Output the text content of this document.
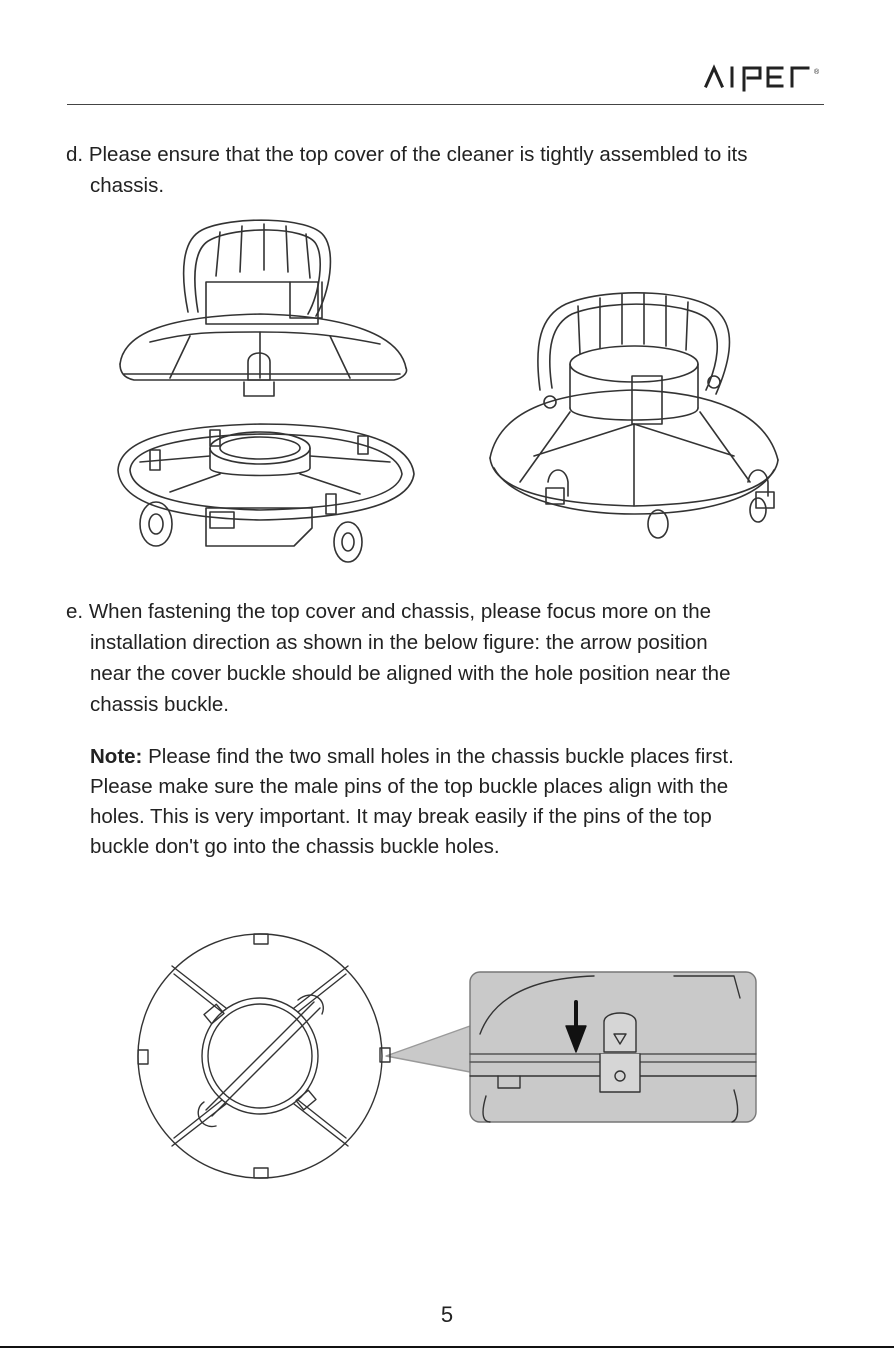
®
d. Please ensure that the top cover of the cleaner is tightly assembled to its
chassis.
e. When fastening the top cover and chassis, please focus more on the
installation direction as shown in the below figure: the arrow position
near the cover buckle should be aligned with the hole position near the
chassis buckle.
Note: Please find the two small holes in the chassis buckle places first.
Please make sure the male pins of the top buckle places align with the
holes. This is very important. It may break easily if the pins of the top
buckle don't go into the chassis buckle holes.
5
